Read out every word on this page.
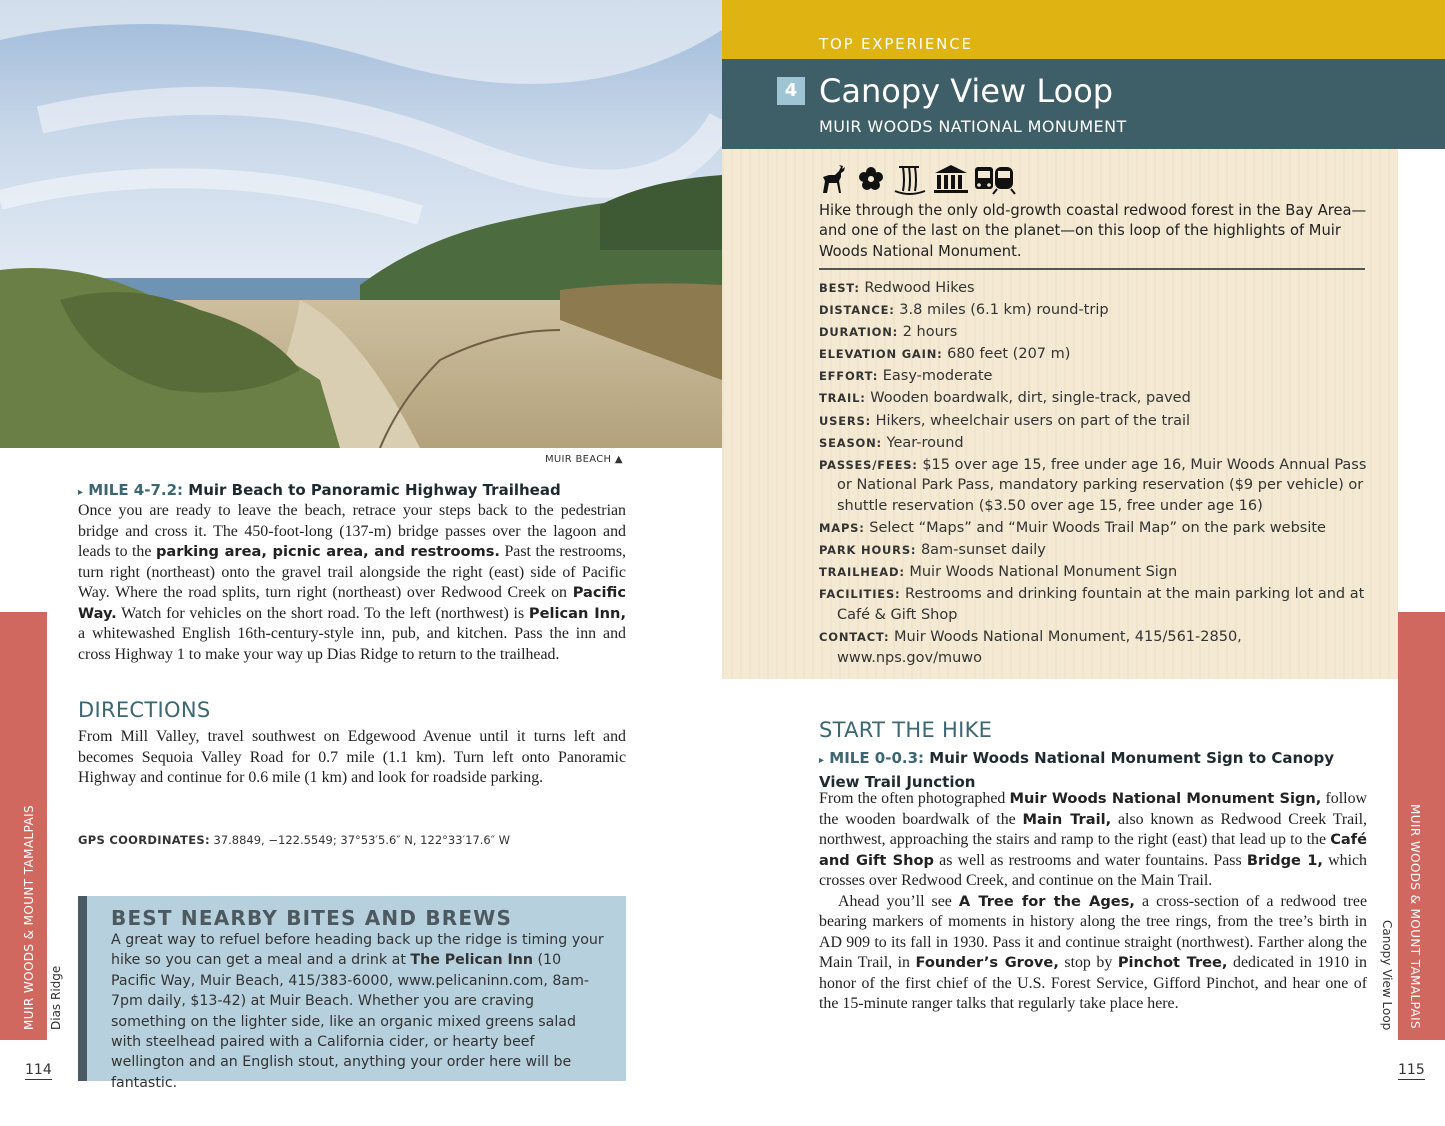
MUIR BEACH ▲
▸ MILE 4-7.2: Muir Beach to Panoramic Highway Trailhead
Once you are ready to leave the beach, retrace your steps back to the pedestrian bridge and cross it. The 450-foot-long (137-m) bridge passes over the lagoon and leads to the parking area, picnic area, and restrooms. Past the restrooms, turn right (northeast) onto the gravel trail alongside the right (east) side of Pacific Way. Where the road splits, turn right (northeast) over Redwood Creek on Pacific Way. Watch for vehicles on the short road. To the left (northwest) is Pelican Inn, a whitewashed English 16th-century-style inn, pub, and kitchen. Pass the inn and cross Highway 1 to make your way up Dias Ridge to return to the trailhead.
DIRECTIONS
From Mill Valley, travel southwest on Edgewood Avenue until it turns left and becomes Sequoia Valley Road for 0.7 mile (1.1 km). Turn left onto Panoramic Highway and continue for 0.6 mile (1 km) and look for roadside parking.
GPS COORDINATES: 37.8849, −122.5549; 37°53′5.6″ N, 122°33′17.6″ W
BEST NEARBY BITES AND BREWS
A great way to refuel before heading back up the ridge is timing your hike so you can get a meal and a drink at The Pelican Inn (10 Pacific Way, Muir Beach, 415/383-6000, www.pelicaninn.com, 8am-7pm daily, $13-42) at Muir Beach. Whether you are craving something on the lighter side, like an organic mixed greens salad with steelhead paired with a California cider, or hearty beef wellington and an English stout, anything your order here will be fantastic.
MUIR WOODS & MOUNT TAMALPAIS Dias Ridge
114
TOP EXPERIENCE
4 Canopy View Loop
MUIR WOODS NATIONAL MONUMENT
Hike through the only old-growth coastal redwood forest in the Bay Area—and one of the last on the planet—on this loop of the highlights of Muir Woods National Monument.
BEST: Redwood Hikes
DISTANCE: 3.8 miles (6.1 km) round-trip
DURATION: 2 hours
ELEVATION GAIN: 680 feet (207 m)
EFFORT: Easy-moderate
TRAIL: Wooden boardwalk, dirt, single-track, paved
USERS: Hikers, wheelchair users on part of the trail
SEASON: Year-round
PASSES/FEES: $15 over age 15, free under age 16, Muir Woods Annual Pass or National Park Pass, mandatory parking reservation ($9 per vehicle) or shuttle reservation ($3.50 over age 15, free under age 16)
MAPS: Select “Maps” and “Muir Woods Trail Map” on the park website
PARK HOURS: 8am-sunset daily
TRAILHEAD: Muir Woods National Monument Sign
FACILITIES: Restrooms and drinking fountain at the main parking lot and at Café & Gift Shop
CONTACT: Muir Woods National Monument, 415/561-2850, www.nps.gov/muwo
START THE HIKE
▸ MILE 0-0.3: Muir Woods National Monument Sign to Canopy View Trail Junction
From the often photographed Muir Woods National Monument Sign, follow the wooden boardwalk of the Main Trail, also known as Redwood Creek Trail, northwest, approaching the stairs and ramp to the right (east) that lead up to the Café and Gift Shop as well as restrooms and water fountains. Pass Bridge 1, which crosses over Redwood Creek, and continue on the Main Trail.
Ahead you’ll see A Tree for the Ages, a cross-section of a redwood tree bearing markers of moments in history along the tree rings, from the tree’s birth in AD 909 to its fall in 1930. Pass it and continue straight (northwest). Farther along the Main Trail, in Founder’s Grove, stop by Pinchot Tree, dedicated in 1910 in honor of the first chief of the U.S. Forest Service, Gifford Pinchot, and hear one of the 15-minute ranger talks that regularly take place here.	MUIR WOODS & MOUNT TAMALPAIS
Canopy View Loop
115
